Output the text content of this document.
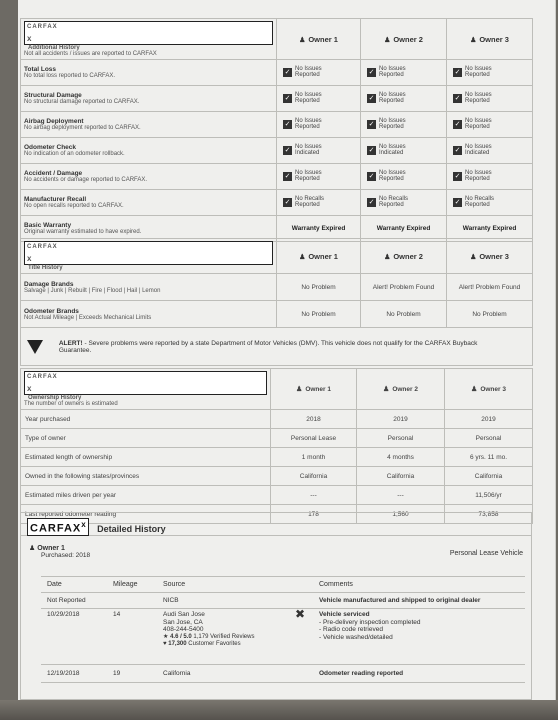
CARFAX
x
Additional History
Not all accidents / issues are reported to CARFAX	♟ Owner 1	♟ Owner 2	♟ Owner 3

Total Loss
No total loss reported to CARFAX.	✓ No Issues Reported	✓ No Issues Reported	✓ No Issues Reported

Structural Damage
No structural damage reported to CARFAX.	✓ No Issues Reported	✓ No Issues Reported	✓ No Issues Reported

Airbag Deployment
No airbag deployment reported to CARFAX.	✓ No Issues Reported	✓ No Issues Reported	✓ No Issues Reported

Odometer Check
No indication of an odometer rollback.	✓ No Issues Indicated	✓ No Issues Indicated	✓ No Issues Indicated

Accident / Damage
No accidents or damage reported to CARFAX.	✓ No Issues Reported	✓ No Issues Reported	✓ No Issues Reported

Manufacturer Recall
No open recalls reported to CARFAX.	✓ No Recalls Reported	✓ No Recalls Reported	✓ No Recalls Reported

Basic Warranty
Original warranty estimated to have expired.	Warranty Expired	Warranty Expired	Warranty Expired
CARFAX
x
Title History	♟ Owner 1	♟ Owner 2	♟ Owner 3

Damage Brands
Salvage | Junk | Rebuilt | Fire | Flood | Hail | Lemon	No Problem	Alert! Problem Found	Alert! Problem Found

Odometer Brands
Not Actual Mileage | Exceeds Mechanical Limits	No Problem	No Problem	No Problem
ALERT! - Severe problems were reported by a state Department of Motor Vehicles (DMV). This vehicle does not qualify for the CARFAX Buyback Guarantee.			
CARFAX
x
Ownership History
The number of owners is estimated	♟ Owner 1	♟ Owner 2	♟ Owner 3
Year purchased	2018	2019	2019
Type of owner	Personal Lease	Personal	Personal
Estimated length of ownership	1 month	4 months	6 yrs. 11 mo.
Owned in the following states/provinces	California	California	California
Estimated miles driven per year	---	---	11,506/yr
Last reported odometer reading	178	1,560	73,858
CARFAX$^x$ Detailed History
♟ Owner 1
Purchased: 2018	Personal Lease Vehicle
Date	Mileage	Source	Comments
Not Reported		NICB	Vehicle manufactured and shipped to original dealer
10/29/2018	14	Audi San Jose
San Jose, CA
408-244-5400
★ 4.6 / 5.0 1,179 Verified Reviews
♥ 17,300 Customer Favorites	✖ Vehicle serviced
- Pre-delivery inspection completed
- Radio code retrieved
- Vehicle washed/detailed

12/19/2018	19	California	Odometer reading reported
